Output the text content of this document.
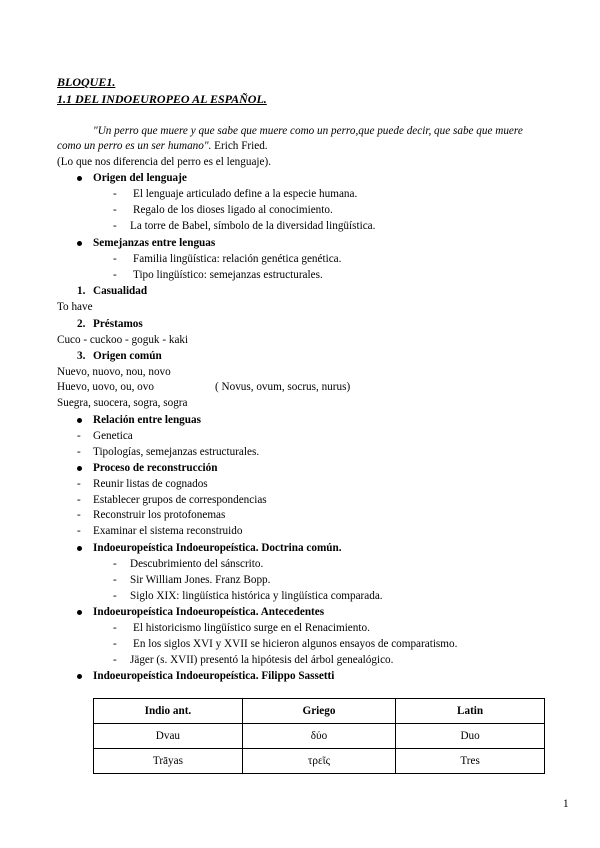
BLOQUE1.
1.1 DEL INDOEUROPEO AL ESPAÑOL.
"Un perro que muere y que sabe que muere como un perro,que puede decir, que sabe que muere
como un perro es un ser humano". Erich Fried.
(Lo que nos diferencia del perro es el lenguaje).
Origen del lenguaje
- El lenguaje articulado define a la especie humana.
- Regalo de los dioses ligado al conocimiento.
- La torre de Babel, símbolo de la diversidad lingüística.
Semejanzas entre lenguas
- Familia lingüística: relación genética genética.
- Tipo lingüístico: semejanzas estructurales.
1. Casualidad
To have
2. Préstamos
Cuco - cuckoo - goguk - kaki
3. Origen común
Nuevo, nuovo, nou, novo
Huevo, uovo, ou, ovo	( Novus, ovum, socrus, nurus)
Suegra, suocera, sogra, sogra
Relación entre lenguas
- Genetica
- Tipologías, semejanzas estructurales.
Proceso de reconstrucción
- Reunir listas de cognados
- Establecer grupos de correspondencias
- Reconstruir los protofonemas
- Examinar el sistema reconstruido
Indoeuropeística Indoeuropeística. Doctrina común.
- Descubrimiento del sánscrito.
- Sir William Jones. Franz Bopp.
- Siglo XIX: lingüística histórica y lingüística comparada.
Indoeuropeística Indoeuropeística. Antecedentes
- El historicismo lingüístico surge en el Renacimiento.
- En los siglos XVI y XVII se hicieron algunos ensayos de comparatismo.
- Jäger (s. XVII) presentó la hipótesis del árbol genealógico.
Indoeuropeística Indoeuropeística. Filippo Sassetti
Indio ant.	Griego	Latin
Dvau	δύο	Duo
Trāyas	τρεῖς	Tres
1
